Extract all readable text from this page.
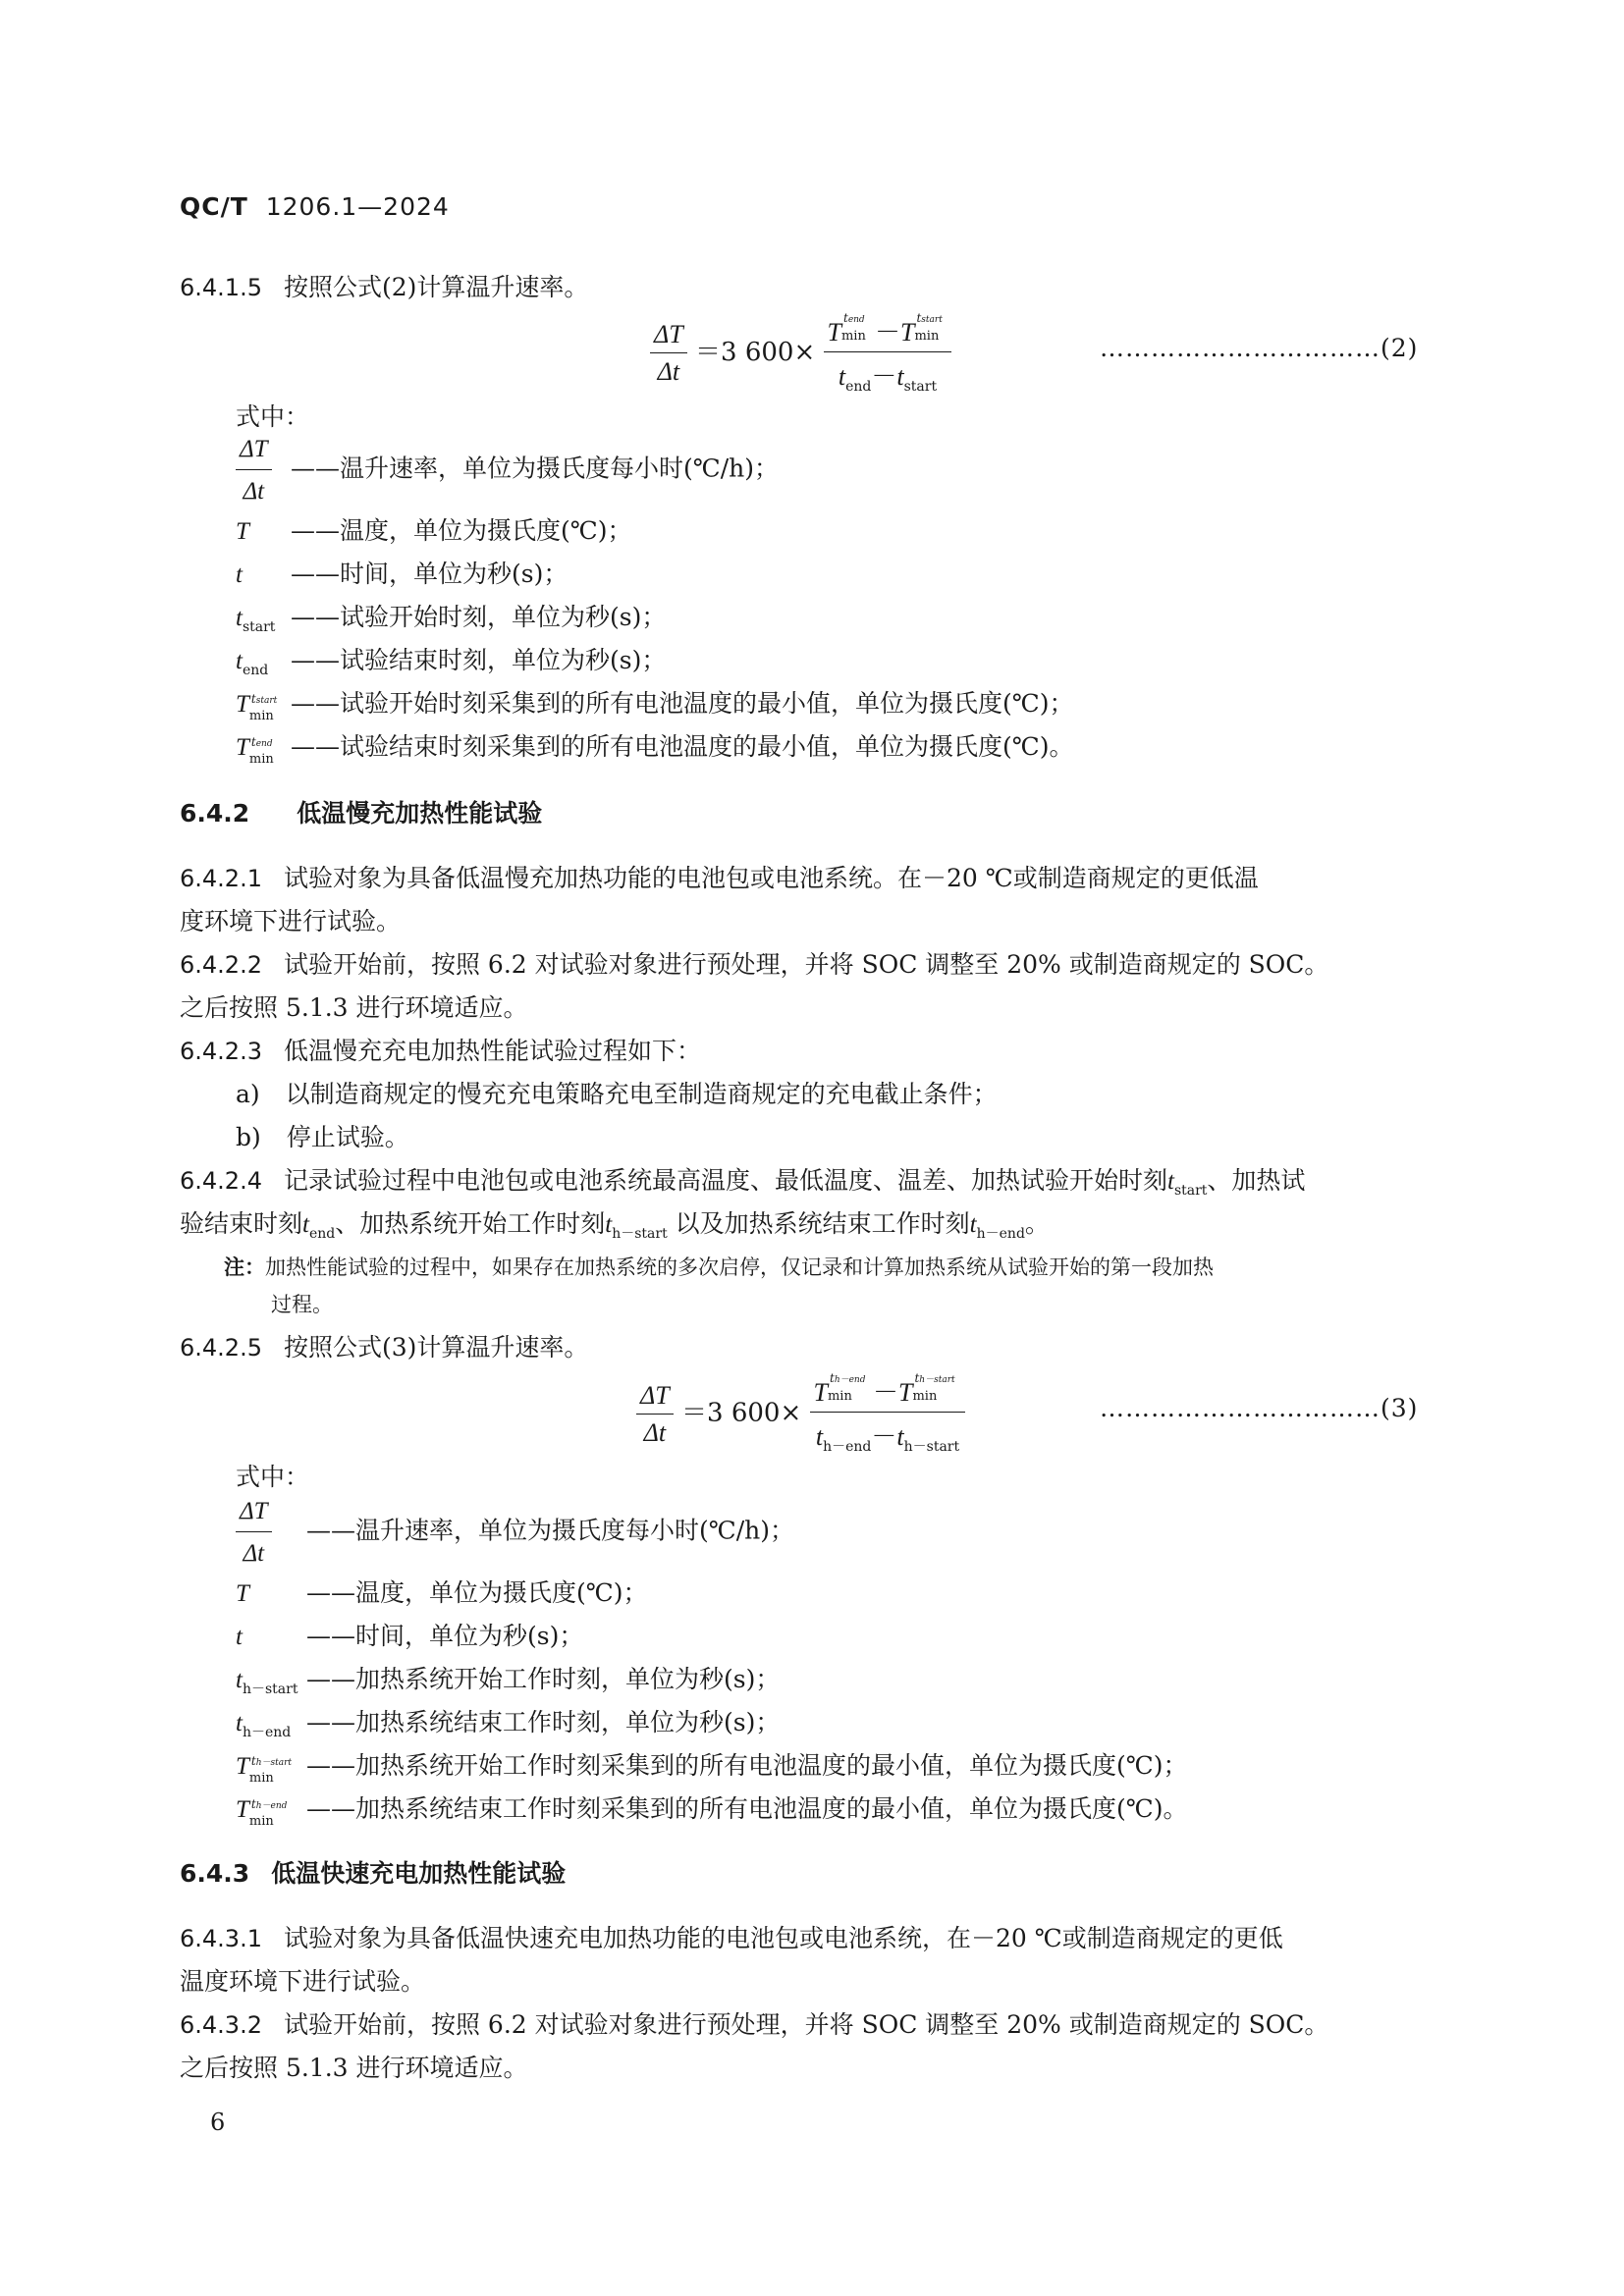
QC/T 1206.1—2024
6.4.1.5 按照公式(2)计算温升速率。
$\frac{\Delta T}{\Delta t} =3$ 600× T tend
min －T tstart
min
$t_{end}-t_{start}$	……………………………(2)
式中：
$\frac{\Delta T}{\Delta t}$ ——温升速率，单位为摄氏度每小时(℃/h)；
T ——温度，单位为摄氏度(℃)；
t ——时间，单位为秒(s)；
$t_{start}$ ——试验开始时刻，单位为秒(s)；
$t_{end}$ ——试验结束时刻，单位为秒(s)；
T tstart
min ——试验开始时刻采集到的所有电池温度的最小值，单位为摄氏度(℃)；
T tend
min ——试验结束时刻采集到的所有电池温度的最小值，单位为摄氏度(℃)。
6.4.2 低温慢充加热性能试验
6.4.2.1 试验对象为具备低温慢充加热功能的电池包或电池系统。在－20 ℃或制造商规定的更低温
度环境下进行试验。
6.4.2.2 试验开始前，按照 6.2 对试验对象进行预处理，并将 SOC 调整至 20% 或制造商规定的 SOC。
之后按照 5.1.3 进行环境适应。
6.4.2.3 低温慢充充电加热性能试验过程如下：
a) 以制造商规定的慢充充电策略充电至制造商规定的充电截止条件；
b) 停止试验。
6.4.2.4 记录试验过程中电池包或电池系统最高温度、最低温度、温差、加热试验开始时刻$t_{start}$、加热试
验结束时刻$t_{end}$、加热系统开始工作时刻$t_{h-start}$ 以及加热系统结束工作时刻$t_{h-end}$。
注：加热性能试验的过程中，如果存在加热系统的多次启停，仅记录和计算加热系统从试验开始的第一段加热
过程。
6.4.2.5 按照公式(3)计算温升速率。
$\frac{\Delta T}{\Delta t} =3$ 600× T th－end
min －T th－start
min
$t_{h-end}-t_{h-start}$	……………………………(3)
式中：
$\frac{\Delta T}{\Delta t}$ ——温升速率，单位为摄氏度每小时(℃/h)；
T ——温度，单位为摄氏度(℃)；
t	——时间，单位为秒(s)；
$t_{h-start}$ ——加热系统开始工作时刻，单位为秒(s)；
$t_{h-end}$ ——加热系统结束工作时刻，单位为秒(s)；
T th－start
min ——加热系统开始工作时刻采集到的所有电池温度的最小值，单位为摄氏度(℃)；
T th－end
min ——加热系统结束工作时刻采集到的所有电池温度的最小值，单位为摄氏度(℃)。
6.4.3 低温快速充电加热性能试验
6.4.3.1 试验对象为具备低温快速充电加热功能的电池包或电池系统，在－20 ℃或制造商规定的更低
温度环境下进行试验。
6.4.3.2 试验开始前，按照 6.2 对试验对象进行预处理，并将 SOC 调整至 20% 或制造商规定的 SOC。
之后按照 5.1.3 进行环境适应。
6
